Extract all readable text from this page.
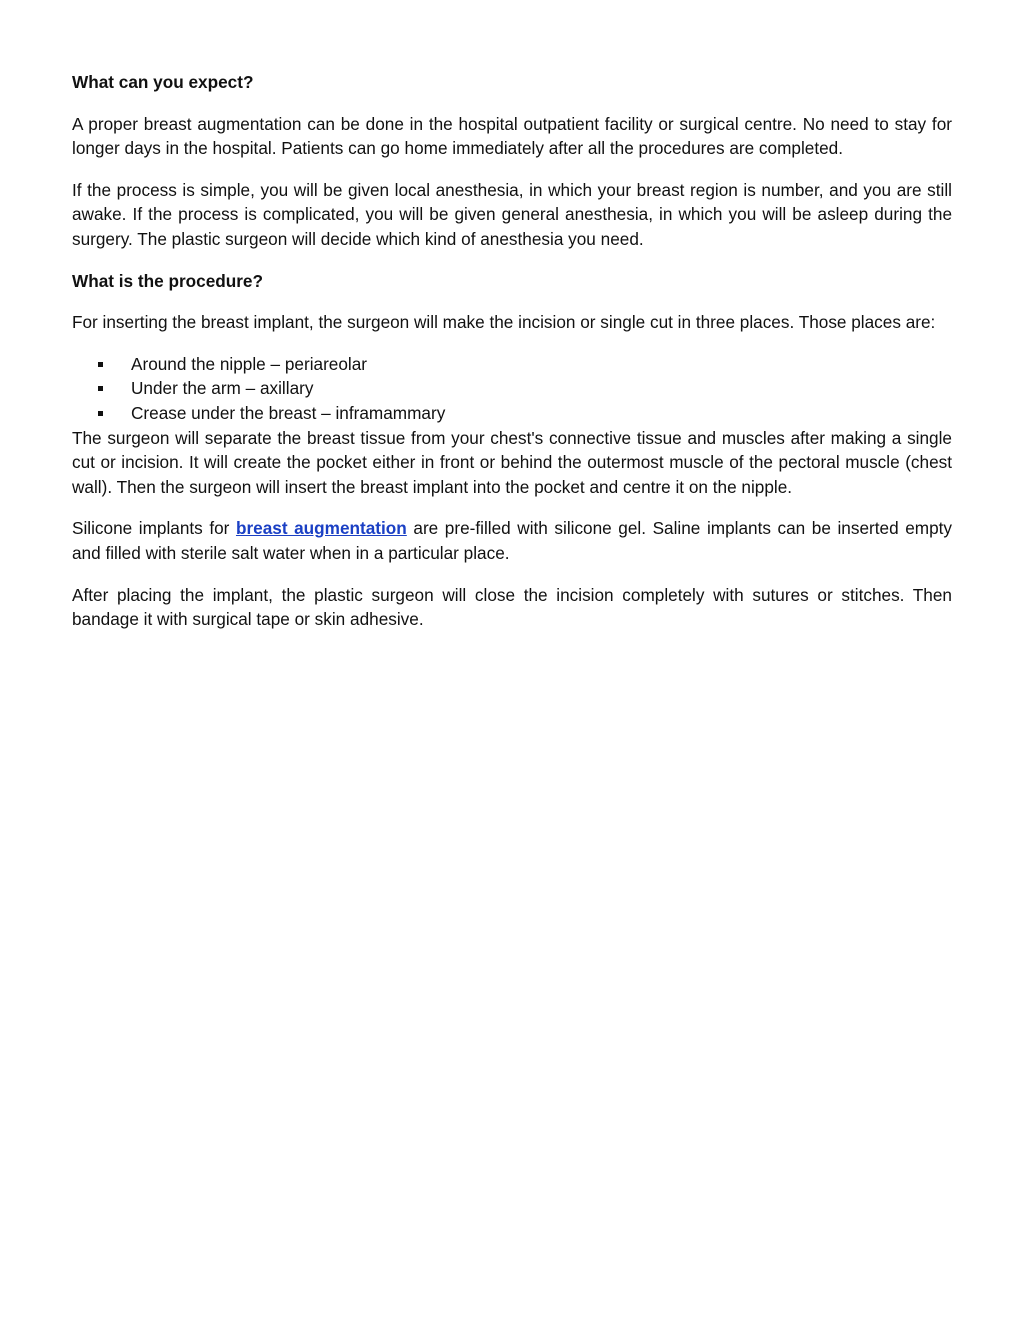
What can you expect?

A proper breast augmentation can be done in the hospital outpatient facility or surgical centre. No need to stay for longer days in the hospital. Patients can go home immediately after all the procedures are completed.

If the process is simple, you will be given local anesthesia, in which your breast region is number, and you are still awake. If the process is complicated, you will be given general anesthesia, in which you will be asleep during the surgery. The plastic surgeon will decide which kind of anesthesia you need.

What is the procedure?

For inserting the breast implant, the surgeon will make the incision or single cut in three places. Those places are:

Around the nipple – periareolar
Under the arm – axillary
Crease under the breast – inframammary

The surgeon will separate the breast tissue from your chest's connective tissue and muscles after making a single cut or incision. It will create the pocket either in front or behind the outermost muscle of the pectoral muscle (chest wall). Then the surgeon will insert the breast implant into the pocket and centre it on the nipple.

Silicone implants for breast augmentation are pre-filled with silicone gel. Saline implants can be inserted empty and filled with sterile salt water when in a particular place.

After placing the implant, the plastic surgeon will close the incision completely with sutures or stitches. Then bandage it with surgical tape or skin adhesive.
